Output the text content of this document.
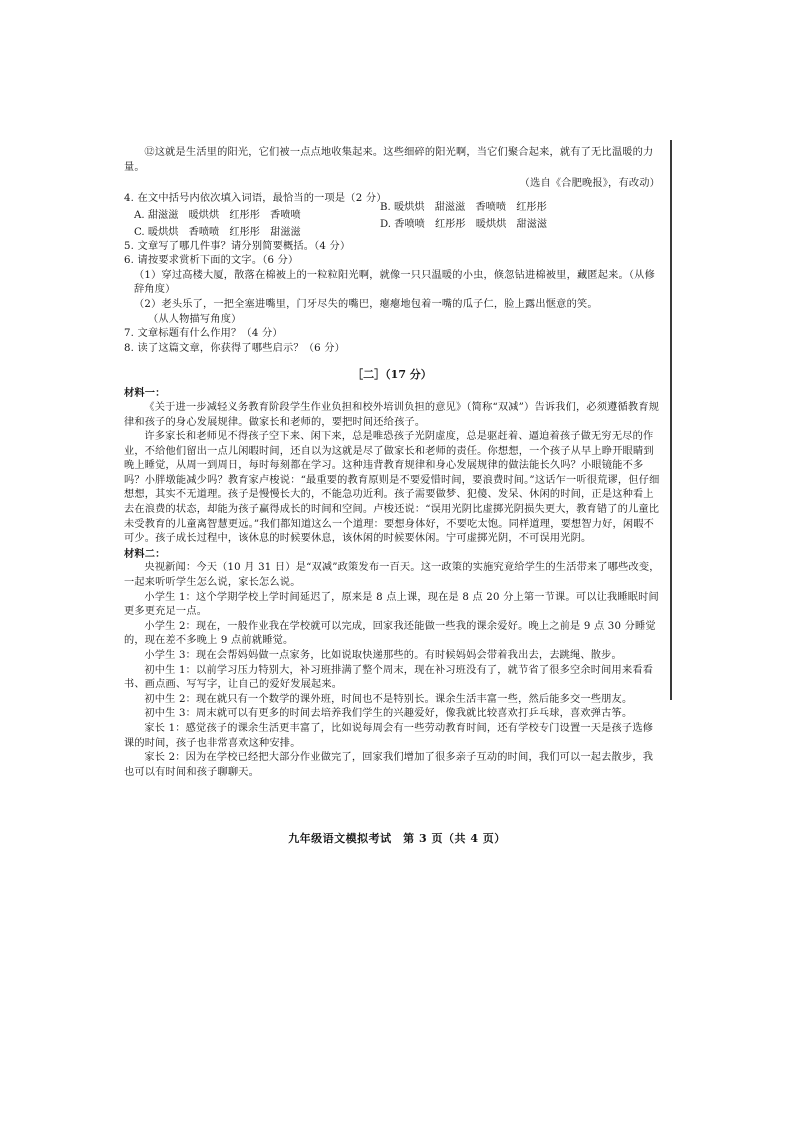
⑫这就是生活里的阳光，它们被一点点地收集起来。这些细碎的阳光啊，当它们聚合起来，就有了无比温暖的力量。

（选自《合肥晚报》，有改动）

4. 在文中括号内依次填入词语，最恰当的一项是（2 分）

A. 甜滋滋　暖烘烘　红彤彤　香喷喷
B. 暖烘烘　甜滋滋　香喷喷　红彤彤
C. 暖烘烘　香喷喷　红彤彤　甜滋滋
D. 香喷喷　红彤彤　暖烘烘　甜滋滋

5. 文章写了哪几件事？请分别简要概括。（4 分）

6. 请按要求赏析下面的文字。（6 分）

（1）穿过高楼大厦，散落在棉被上的一粒粒阳光啊，就像一只只温暖的小虫，倏忽钻进棉被里，藏匿起来。（从修辞角度）

（2）老头乐了，一把全塞进嘴里，门牙尽失的嘴巴，瘪瘪地包着一嘴的瓜子仁，脸上露出惬意的笑。

（从人物描写角度）

7. 文章标题有什么作用？（4 分）

8. 读了这篇文章，你获得了哪些启示？（6 分）

［二］（17 分）

材料一：

《关于进一步减轻义务教育阶段学生作业负担和校外培训负担的意见》（简称“双减”）告诉我们，必须遵循教育规律和孩子的身心发展规律。做家长和老师的，要把时间还给孩子。

许多家长和老师见不得孩子空下来、闲下来，总是唯恐孩子光阴虚度，总是驱赶着、逼迫着孩子做无穷无尽的作业，不给他们留出一点儿闲暇时间，还自以为这就是尽了做家长和老师的责任。你想想，一个孩子从早上睁开眼睛到晚上睡觉，从周一到周日，每时每刻都在学习。这种违背教育规律和身心发展规律的做法能长久吗？小眼镜能不多吗？小胖墩能减少吗？教育家卢梭说：“最重要的教育原则是不要爱惜时间，要浪费时间。”这话乍一听很荒谬，但仔细想想，其实不无道理。孩子是慢慢长大的，不能急功近利。孩子需要做梦、犯傻、发呆、休闲的时间，正是这种看上去在浪费的状态，却能为孩子赢得成长的时间和空间。卢梭还说：“误用光阴比虚掷光阴损失更大，教育错了的儿童比未受教育的儿童离智慧更远。”我们都知道这么一个道理：要想身体好，不要吃太饱。同样道理，要想智力好，闲暇不可少。孩子成长过程中，该休息的时候要休息，该休闲的时候要休闲。宁可虚掷光阴，不可误用光阴。

材料二：

央视新闻：今天（10 月 31 日）是“双减”政策发布一百天。这一政策的实施究竟给学生的生活带来了哪些改变，一起来听听学生怎么说，家长怎么说。

小学生 1：这个学期学校上学时间延迟了，原来是 8 点上课，现在是 8 点 20 分上第一节课。可以让我睡眠时间更多更充足一点。

小学生 2：现在，一般作业我在学校就可以完成，回家我还能做一些我的课余爱好。晚上之前是 9 点 30 分睡觉的，现在差不多晚上 9 点前就睡觉。

小学生 3：现在会帮妈妈做一点家务，比如说取快递那些的。有时候妈妈会带着我出去，去跳绳、散步。

初中生 1：以前学习压力特别大，补习班排满了整个周末，现在补习班没有了，就节省了很多空余时间用来看看书、画点画、写写字，让自己的爱好发展起来。

初中生 2：现在就只有一个数学的课外班，时间也不是特别长。课余生活丰富一些，然后能多交一些朋友。

初中生 3：周末就可以有更多的时间去培养我们学生的兴趣爱好，像我就比较喜欢打乒乓球，喜欢弹古筝。

家长 1：感觉孩子的课余生活更丰富了，比如说每周会有一些劳动教育时间，还有学校专门设置一天是孩子选修课的时间，孩子也非常喜欢这种安排。

家长 2：因为在学校已经把大部分作业做完了，回家我们增加了很多亲子互动的时间，我们可以一起去散步，我也可以有时间和孩子聊聊天。

九年级语文模拟考试　第 3 页（共 4 页）
